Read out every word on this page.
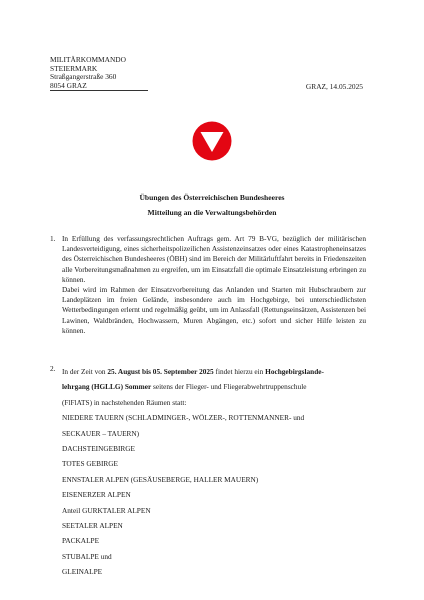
MILITÄRKOMMANDO
STEIERMARK
Straßgangerstraße 360
8054 GRAZ	GRAZ, 14.05.2025
Übungen des Österreichischen Bundesheeres
Mitteilung an die Verwaltungsbehörden
1. In Erfüllung des verfassungsrechtlichen Auftrags gem. Art 79 B-VG, bezüglich der militärischen Landesverteidigung, eines sicherheitspolizeilichen Assistenzeinsatzes oder eines Katastropheneinsatzes des Österreichischen Bundesheeres (ÖBH) sind im Bereich der Militärluftfahrt bereits in Friedenszeiten alle Vorbereitungsmaßnahmen zu ergreifen, um im Einsatzfall die optimale Einsatzleistung erbringen zu können.

Dabei wird im Rahmen der Einsatzvorbereitung das Anlanden und Starten mit Hubschraubern zur Landeplätzen im freien Gelände, insbesondere auch im Hochgebirge, bei unterschiedlichsten Wetterbedingungen erlernt und regelmäßig geübt, um im Anlassfall (Rettungseinsätzen, Assistenzen bei Lawinen, Waldbränden, Hochwassern, Muren Abgängen, etc.) sofort und sicher Hilfe leisten zu können.

2. In der Zeit von 25. August bis 05. September 2025 findet hierzu ein Hochgebirgslande-
lehrgang (HGLLG) Sommer seitens der Flieger- und Fliegerabwehrtruppenschule
(FlFlATS) in nachstehenden Räumen statt:
NIEDERE TAUERN (SCHLADMINGER-, WÖLZER-, ROTTENMANNER- und
SECKAUER – TAUERN)
DACHSTEINGEBIRGE
TOTES GEBIRGE
ENNSTALER ALPEN (GESÄUSEBERGE, HALLER MAUERN)
EISENERZER ALPEN
Anteil GURKTALER ALPEN
SEETALER ALPEN
PACKALPE
STUBALPE und
GLEINALPE
